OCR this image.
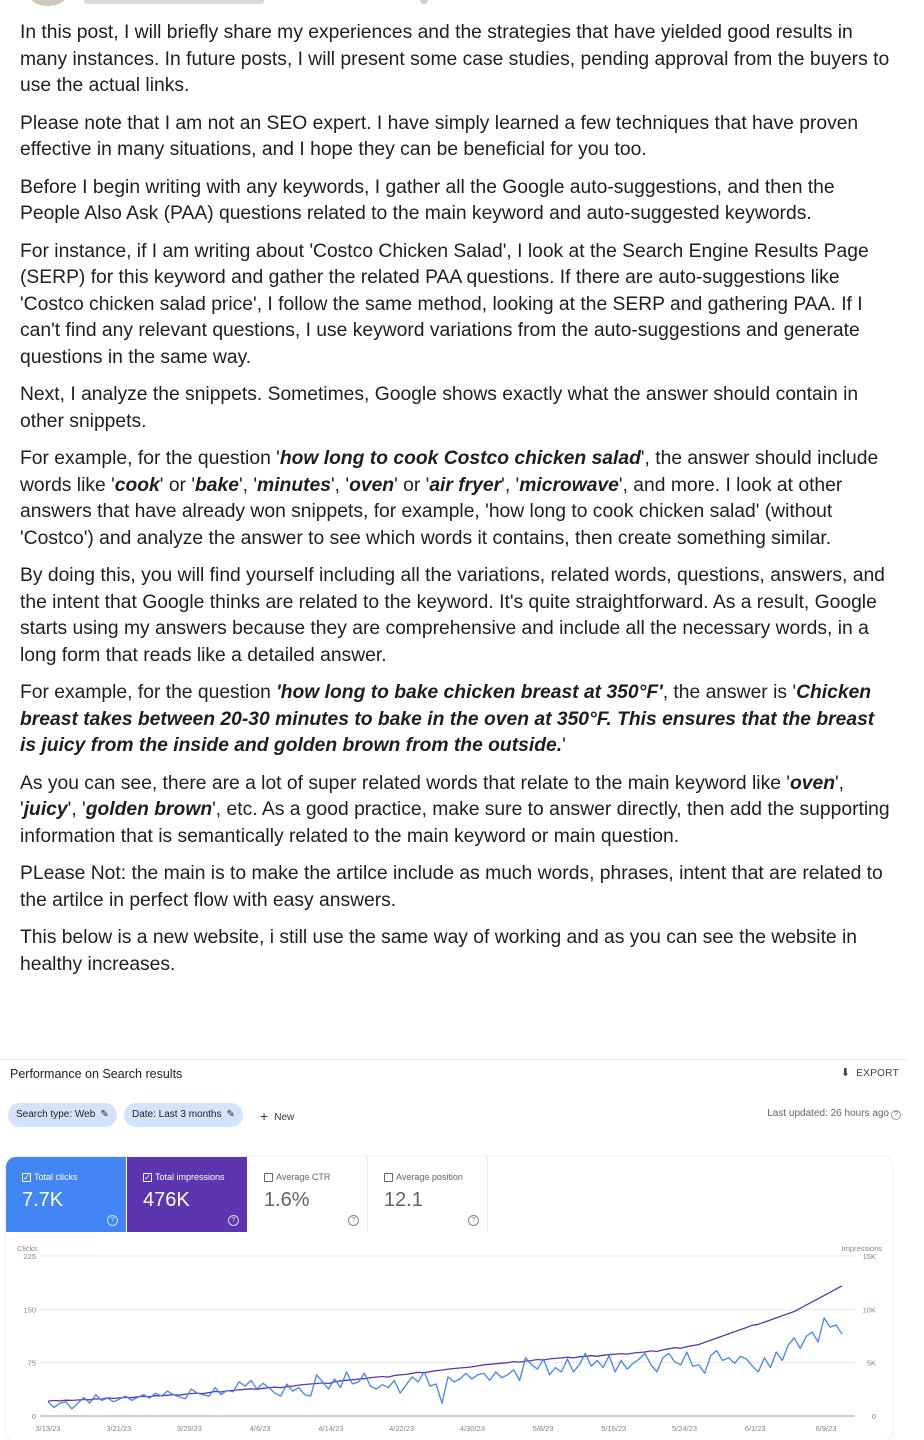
In this post, I will briefly share my experiences and the strategies that have yielded good results in many instances. In future posts, I will present some case studies, pending approval from the buyers to use the actual links.

Please note that I am not an SEO expert. I have simply learned a few techniques that have proven effective in many situations, and I hope they can be beneficial for you too.

Before I begin writing with any keywords, I gather all the Google auto-suggestions, and then the People Also Ask (PAA) questions related to the main keyword and auto-suggested keywords.

For instance, if I am writing about 'Costco Chicken Salad', I look at the Search Engine Results Page (SERP) for this keyword and gather the related PAA questions. If there are auto-suggestions like 'Costco chicken salad price', I follow the same method, looking at the SERP and gathering PAA. If I can't find any relevant questions, I use keyword variations from the auto-suggestions and generate questions in the same way.

Next, I analyze the snippets. Sometimes, Google shows exactly what the answer should contain in other snippets.

For example, for the question 'how long to cook Costco chicken salad', the answer should include words like 'cook' or 'bake', 'minutes', 'oven' or 'air fryer', 'microwave', and more. I look at other answers that have already won snippets, for example, 'how long to cook chicken salad' (without 'Costco') and analyze the answer to see which words it contains, then create something similar.

By doing this, you will find yourself including all the variations, related words, questions, answers, and the intent that Google thinks are related to the keyword. It's quite straightforward. As a result, Google starts using my answers because they are comprehensive and include all the necessary words, in a long form that reads like a detailed answer.

For example, for the question 'how long to bake chicken breast at 350°F', the answer is 'Chicken breast takes between 20-30 minutes to bake in the oven at 350°F. This ensures that the breast is juicy from the inside and golden brown from the outside.'

As you can see, there are a lot of super related words that relate to the main keyword like 'oven', 'juicy', 'golden brown', etc. As a good practice, make sure to answer directly, then add the supporting information that is semantically related to the main keyword or main question.

PLease Not: the main is to make the artilce include as much words, phrases, intent that are related to the artilce in perfect flow with easy answers.

This below is a new website, i still use the same way of working and as you can see the website in healthy increases.

Performance on Search results	⬇ EXPORT
Search type: Web ✎	Date: Last 3 months ✎	+ New	Last updated: 26 hours ago ?
✓ Total clicks
7.7K
?
✓ Total impressions
476K
?
Average CTR
1.6%
?
Average position
12.1
?
Clicks	Impressions
0	0
75	5K
150	10K
225	15K
3/13/23	3/21/23	3/29/23	4/6/23	4/14/23	4/22/23	4/30/23	5/8/23	5/16/23	5/24/23	6/1/23	6/9/23
